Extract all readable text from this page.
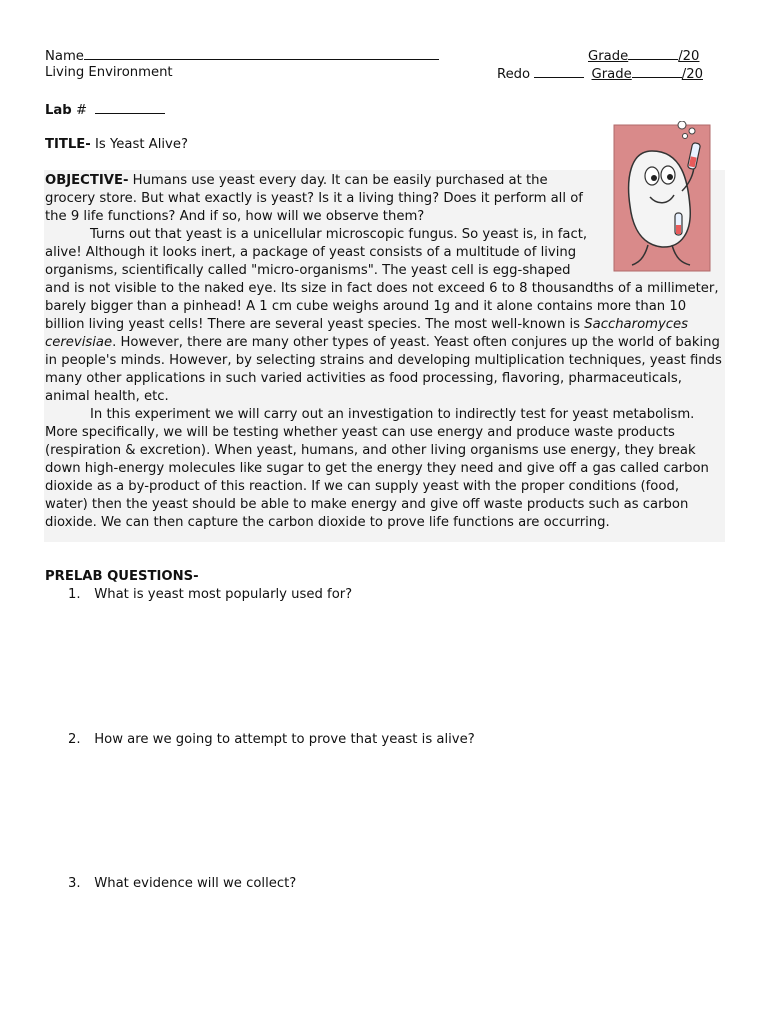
Name
Living Environment
Grade	/20
Redo	Grade	/20
Lab #

TITLE- Is Yeast Alive?

OBJECTIVE- Humans use yeast every day. It can be easily purchased at the grocery store. But what exactly is yeast? Is it a living thing? Does it perform all of the 9 life functions? And if so, how will we observe them?

Turns out that yeast is a unicellular microscopic fungus. So yeast is, in fact, alive! Although it looks inert, a package of yeast consists of a multitude of living organisms, scientifically called "micro-organisms". The yeast cell is egg-shaped and is not visible to the naked eye. Its size in fact does not exceed 6 to 8 thousandths of a millimeter, barely bigger than a pinhead! A 1 cm cube weighs around 1g and it alone contains more than 10 billion living yeast cells! There are several yeast species. The most well-known is Saccharomyces cerevisiae. However, there are many other types of yeast. Yeast often conjures up the world of baking in people's minds. However, by selecting strains and developing multiplication techniques, yeast finds many other applications in such varied activities as food processing, flavoring, pharmaceuticals, animal health, etc.

In this experiment we will carry out an investigation to indirectly test for yeast metabolism. More specifically, we will be testing whether yeast can use energy and produce waste products (respiration & excretion). When yeast, humans, and other living organisms use energy, they break down high-energy molecules like sugar to get the energy they need and give off a gas called carbon dioxide as a by-product of this reaction. If we can supply yeast with the proper conditions (food, water) then the yeast should be able to make energy and give off waste products such as carbon dioxide. We can then capture the carbon dioxide to prove life functions are occurring.

PRELAB QUESTIONS-
1. What is yeast most popularly used for?
2. How are we going to attempt to prove that yeast is alive?
3. What evidence will we collect?
